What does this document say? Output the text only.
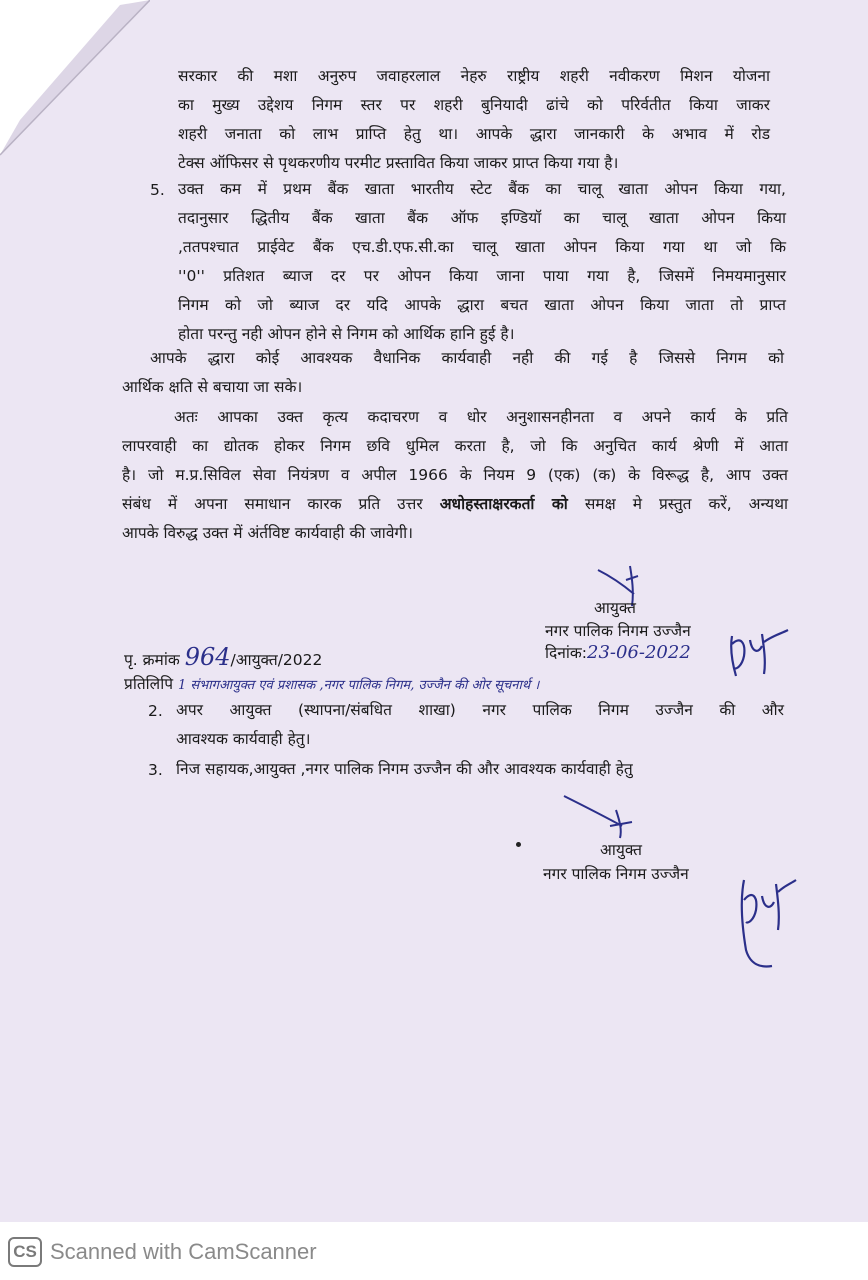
सरकार की मशा अनुरुप जवाहरलाल नेहरु राष्ट्रीय शहरी नवीकरण मिशन योजना
का मुख्य उद्देशय निगम स्तर पर शहरी बुनियादी ढांचे को परिर्वतीत किया जाकर
शहरी जनाता को लाभ प्राप्ति हेतु था। आपके द्धारा जानकारी के अभाव में रोड
टेक्स ऑफिसर से पृथकरणीय परमीट प्रस्तावित किया जाकर प्राप्त किया गया है।
5. उक्त कम में प्रथम बैंक खाता भारतीय स्टेट बैंक का चालू खाता ओपन किया गया,
तदानुसार द्धितीय बैंक खाता बैंक ऑफ इण्डियॉ का चालू खाता ओपन किया
,ततपश्चात प्राईवेट बैंक एच.डी.एफ.सी.का चालू खाता ओपन किया गया था जो कि
''0'' प्रतिशत ब्याज दर पर ओपन किया जाना पाया गया है, जिसमें निमयमानुसार
निगम को जो ब्याज दर यदि आपके द्धारा बचत खाता ओपन किया जाता तो प्राप्त
होता परन्तु नही ओपन होने से निगम को आर्थिक हानि हुई है।
आपके द्धारा कोई आवश्यक वैधानिक कार्यवाही नही की गई है जिससे निगम को
आर्थिक क्षति से बचाया जा सके।
अतः आपका उक्त कृत्य कदाचरण व धोर अनुशासनहीनता व अपने कार्य के प्रति
लापरवाही का द्योतक होकर निगम छवि धुमिल करता है, जो कि अनुचित कार्य श्रेणी में आता
है। जो म.प्र.सिविल सेवा नियंत्रण व अपील 1966 के नियम 9 (एक) (क) के विरूद्ध है, आप उक्त
संबंध में अपना समाधान कारक प्रति उत्तर अधोहस्ताक्षरकर्ता को समक्ष मे प्रस्तुत करें, अन्यथा
आपके विरुद्ध उक्त में अंर्तविष्ट कार्यवाही की जावेगी।
आयुक्त
नगर पालिक निगम उज्जैन
पृ. क्रमांक 964/आयुक्त/2022	दिनांक:23-06-2022
प्रतिलिपि 1 संभागआयुक्त एवं प्रशासक ,नगर पालिक निगम, उज्जैन की ओर सूचनार्थ ।
2. अपर आयुक्त (स्थापना/संबधित शाखा) नगर पालिक निगम उज्जैन की और
आवश्यक कार्यवाही हेतु।
3. निज सहायक,आयुक्त ,नगर पालिक निगम उज्जैन की और आवश्यक कार्यवाही हेतु
आयुक्त
नगर पालिक निगम उज्जैन
CS Scanned with CamScanner
